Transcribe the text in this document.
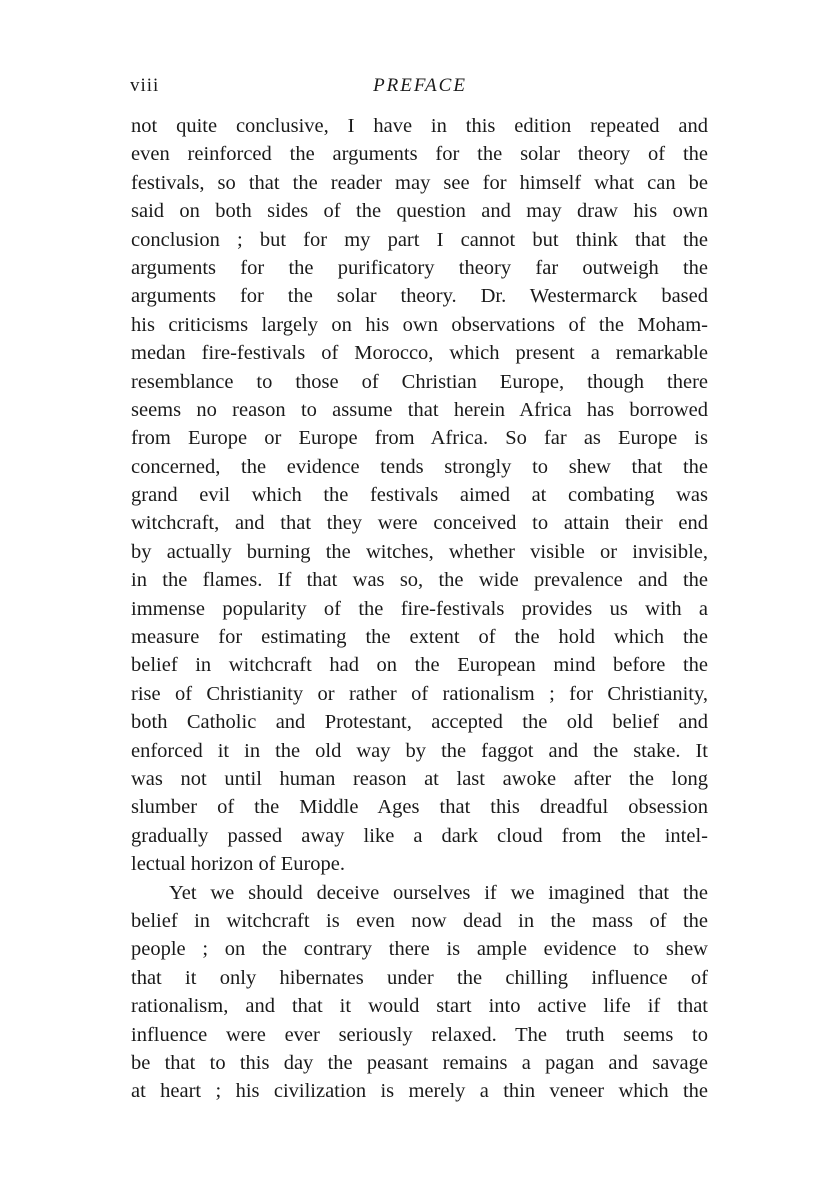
viii	PREFACE
not quite conclusive, I have in this edition repeated and
even reinforced the arguments for the solar theory of the
festivals, so that the reader may see for himself what can be
said on both sides of the question and may draw his own
conclusion ; but for my part I cannot but think that the
arguments for the purificatory theory far outweigh the
arguments for the solar theory. Dr. Westermarck based
his criticisms largely on his own observations of the Moham-
medan fire-festivals of Morocco, which present a remarkable
resemblance to those of Christian Europe, though there
seems no reason to assume that herein Africa has borrowed
from Europe or Europe from Africa. So far as Europe is
concerned, the evidence tends strongly to shew that the
grand evil which the festivals aimed at combating was
witchcraft, and that they were conceived to attain their end
by actually burning the witches, whether visible or invisible,
in the flames. If that was so, the wide prevalence and the
immense popularity of the fire-festivals provides us with a
measure for estimating the extent of the hold which the
belief in witchcraft had on the European mind before the
rise of Christianity or rather of rationalism ; for Christianity,
both Catholic and Protestant, accepted the old belief and
enforced it in the old way by the faggot and the stake. It
was not until human reason at last awoke after the long
slumber of the Middle Ages that this dreadful obsession
gradually passed away like a dark cloud from the intel-
lectual horizon of Europe.
Yet we should deceive ourselves if we imagined that the
belief in witchcraft is even now dead in the mass of the
people ; on the contrary there is ample evidence to shew
that it only hibernates under the chilling influence of
rationalism, and that it would start into active life if that
influence were ever seriously relaxed. The truth seems to
be that to this day the peasant remains a pagan and savage
at heart ; his civilization is merely a thin veneer which the
